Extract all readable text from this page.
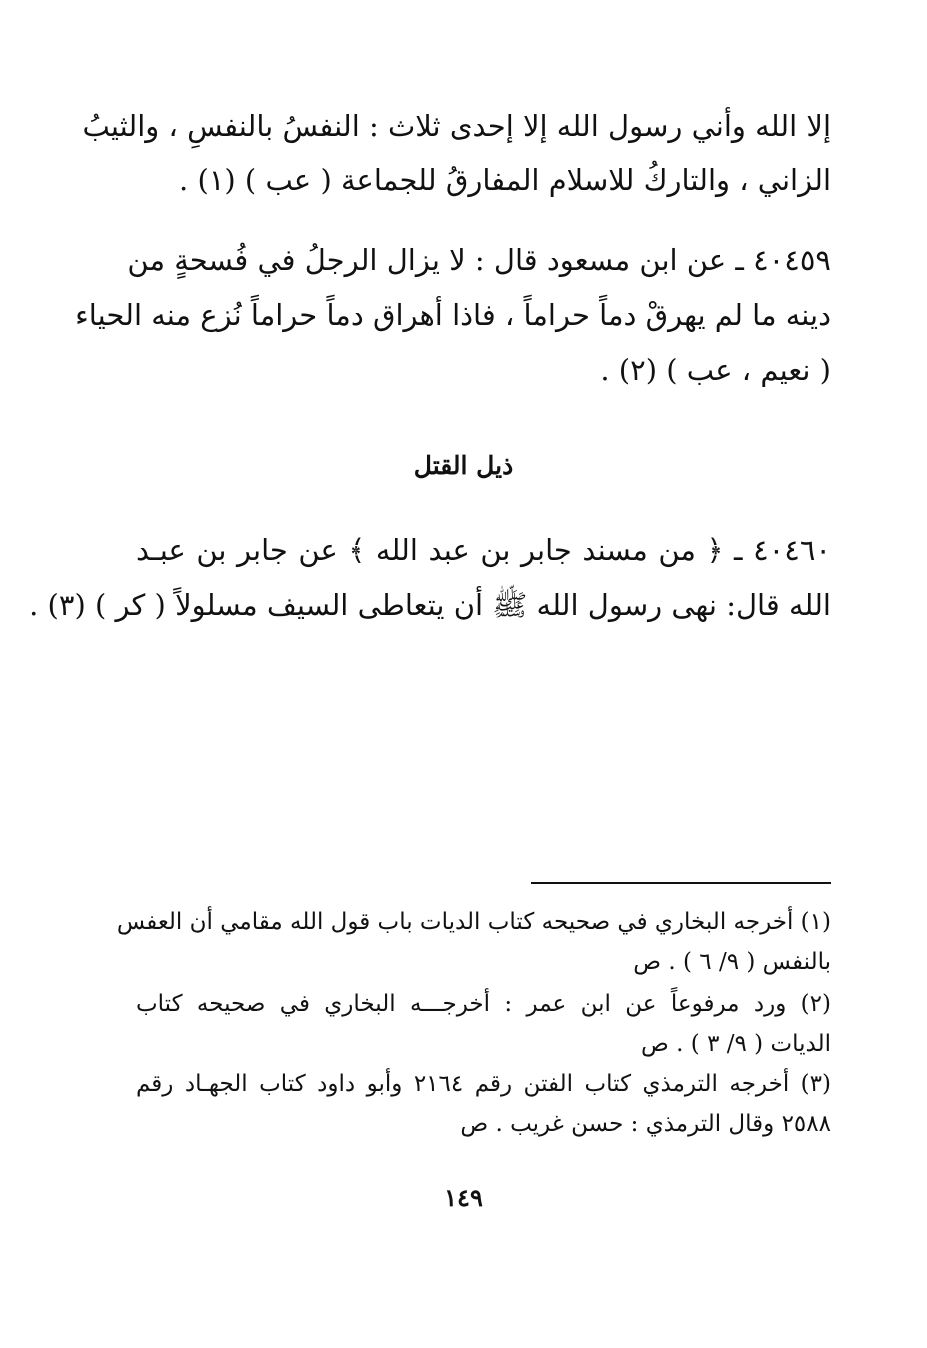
إلا الله وأني رسول الله إلا إحدى ثلاث : النفسُ بالنفسِ ، والثيبُ
الزاني ، والتاركُ للاسلام المفارقُ للجماعة ( عب ) (١) .
٤٠٤٥٩ ـ عن ابن مسعود قال : لا يزال الرجلُ في فُسحةٍ من
دينه ما لم يهرقْ دماً حراماً ، فاذا أهراق دماً حراماً نُزع منه الحياء
( نعيم ، عب ) (٢) .
ذيل القتل
٤٠٤٦٠ ـ ﴿ من مسند جابر بن عبد الله ﴾ عن جابر بن عبـد
الله قال: نهى رسول الله ﷺ أن يتعاطى السيف مسلولاً ( كر ) (٣) .
(١) أخرجه البخاري في صحيحه كتاب الديات باب قول الله مقامي أن العفس
بالنفس ( ٩/ ٦ ) . ص
(٢) ورد مرفوعاً عن ابن عمر : أخرجـــه البخاري في صحيحه كتاب
الديات ( ٩/ ٣ ) . ص
(٣) أخرجه الترمذي كتاب الفتن رقم ٢١٦٤ وأبو داود كتاب الجهـاد رقم
٢٥٨٨ وقال الترمذي : حسن غريب . ص
١٤٩
